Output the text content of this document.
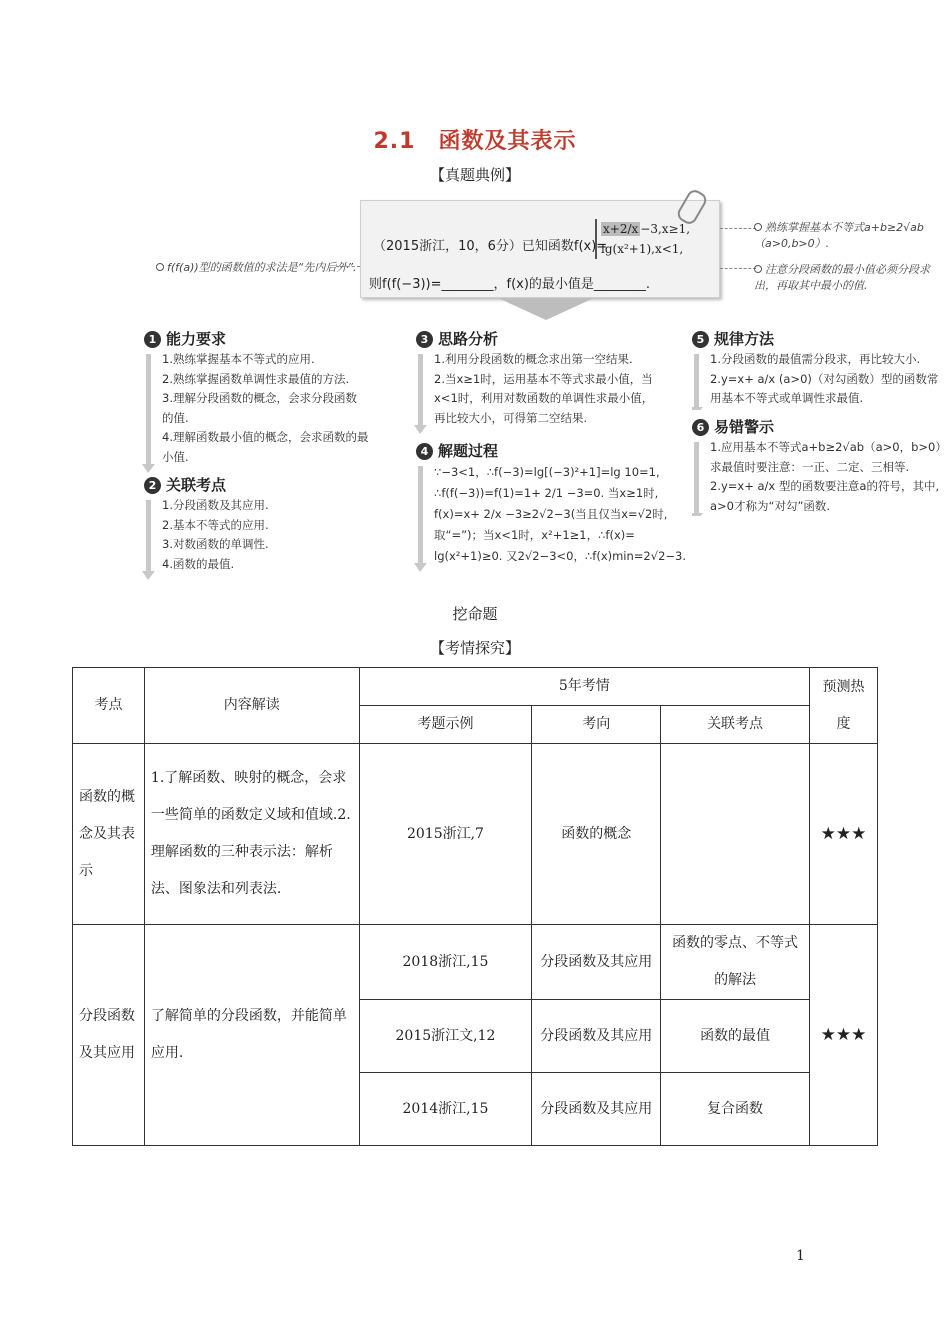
2.1　函数及其表示
【真题典例】
（2015浙江，10，6分）已知函数f(x)=
x+2/x −3,x≥1,
lg(x²+1),x<1,
则f(f(−3))=________，f(x)的最小值是________.
f(f(a))型的函数值的求法是“先内后外”.
熟练掌握基本不等式a+b≥2√ab（a>0,b>0）.
注意分段函数的最小值必须分段求出，再取其中最小的值.
1 能力要求
1.熟练掌握基本不等式的应用.
2.熟练掌握函数单调性求最值的方法.
3.理解分段函数的概念，会求分段函数
的值.
4.理解函数最小值的概念，会求函数的最
小值.
2 关联考点
1.分段函数及其应用.
2.基本不等式的应用.
3.对数函数的单调性.
4.函数的最值.
3 思路分析
1.利用分段函数的概念求出第一空结果.
2.当x≥1时，运用基本不等式求最小值，当
x<1时，利用对数函数的单调性求最小值，
再比较大小，可得第二空结果.
4 解题过程
∵−3<1，∴f(−3)=lg[(−3)²+1]=lg 10=1,
∴f(f(−3))=f(1)=1+ 2/1 −3=0. 当x≥1时,
f(x)=x+ 2/x −3≥2√2−3(当且仅当x=√2时,
取“=”)；当x<1时，x²+1≥1，∴f(x)=
lg(x²+1)≥0. 又2√2−3<0，∴f(x)min=2√2−3.
5 规律方法
1.分段函数的最值需分段求，再比较大小.
2.y=x+ a/x (a>0)（对勾函数）型的函数常
用基本不等式或单调性求最值.
6 易错警示
1.应用基本不等式a+b≥2√ab（a>0，b>0）
求最值时要注意：一正、二定、三相等.
2.y=x+ a/x 型的函数要注意a的符号，其中,
a>0才称为“对勾”函数.
挖命题
【考情探究】
考点	内容解读	5年考情			预测热度
		考题示例	考向	关联考点	
函数的概念及其表示	1.了解函数、映射的概念，会求一些简单的函数定义域和值域.2.理解函数的三种表示法：解析法、图象法和列表法.	2015浙江,7	函数的概念		★★★
分段函数及其应用	了解简单的分段函数，并能简单应用.	2018浙江,15	分段函数及其应用	函数的零点、不等式的解法	★★★
		2015浙江文,12	分段函数及其应用	函数的最值	
		2014浙江,15	分段函数及其应用	复合函数	
1
